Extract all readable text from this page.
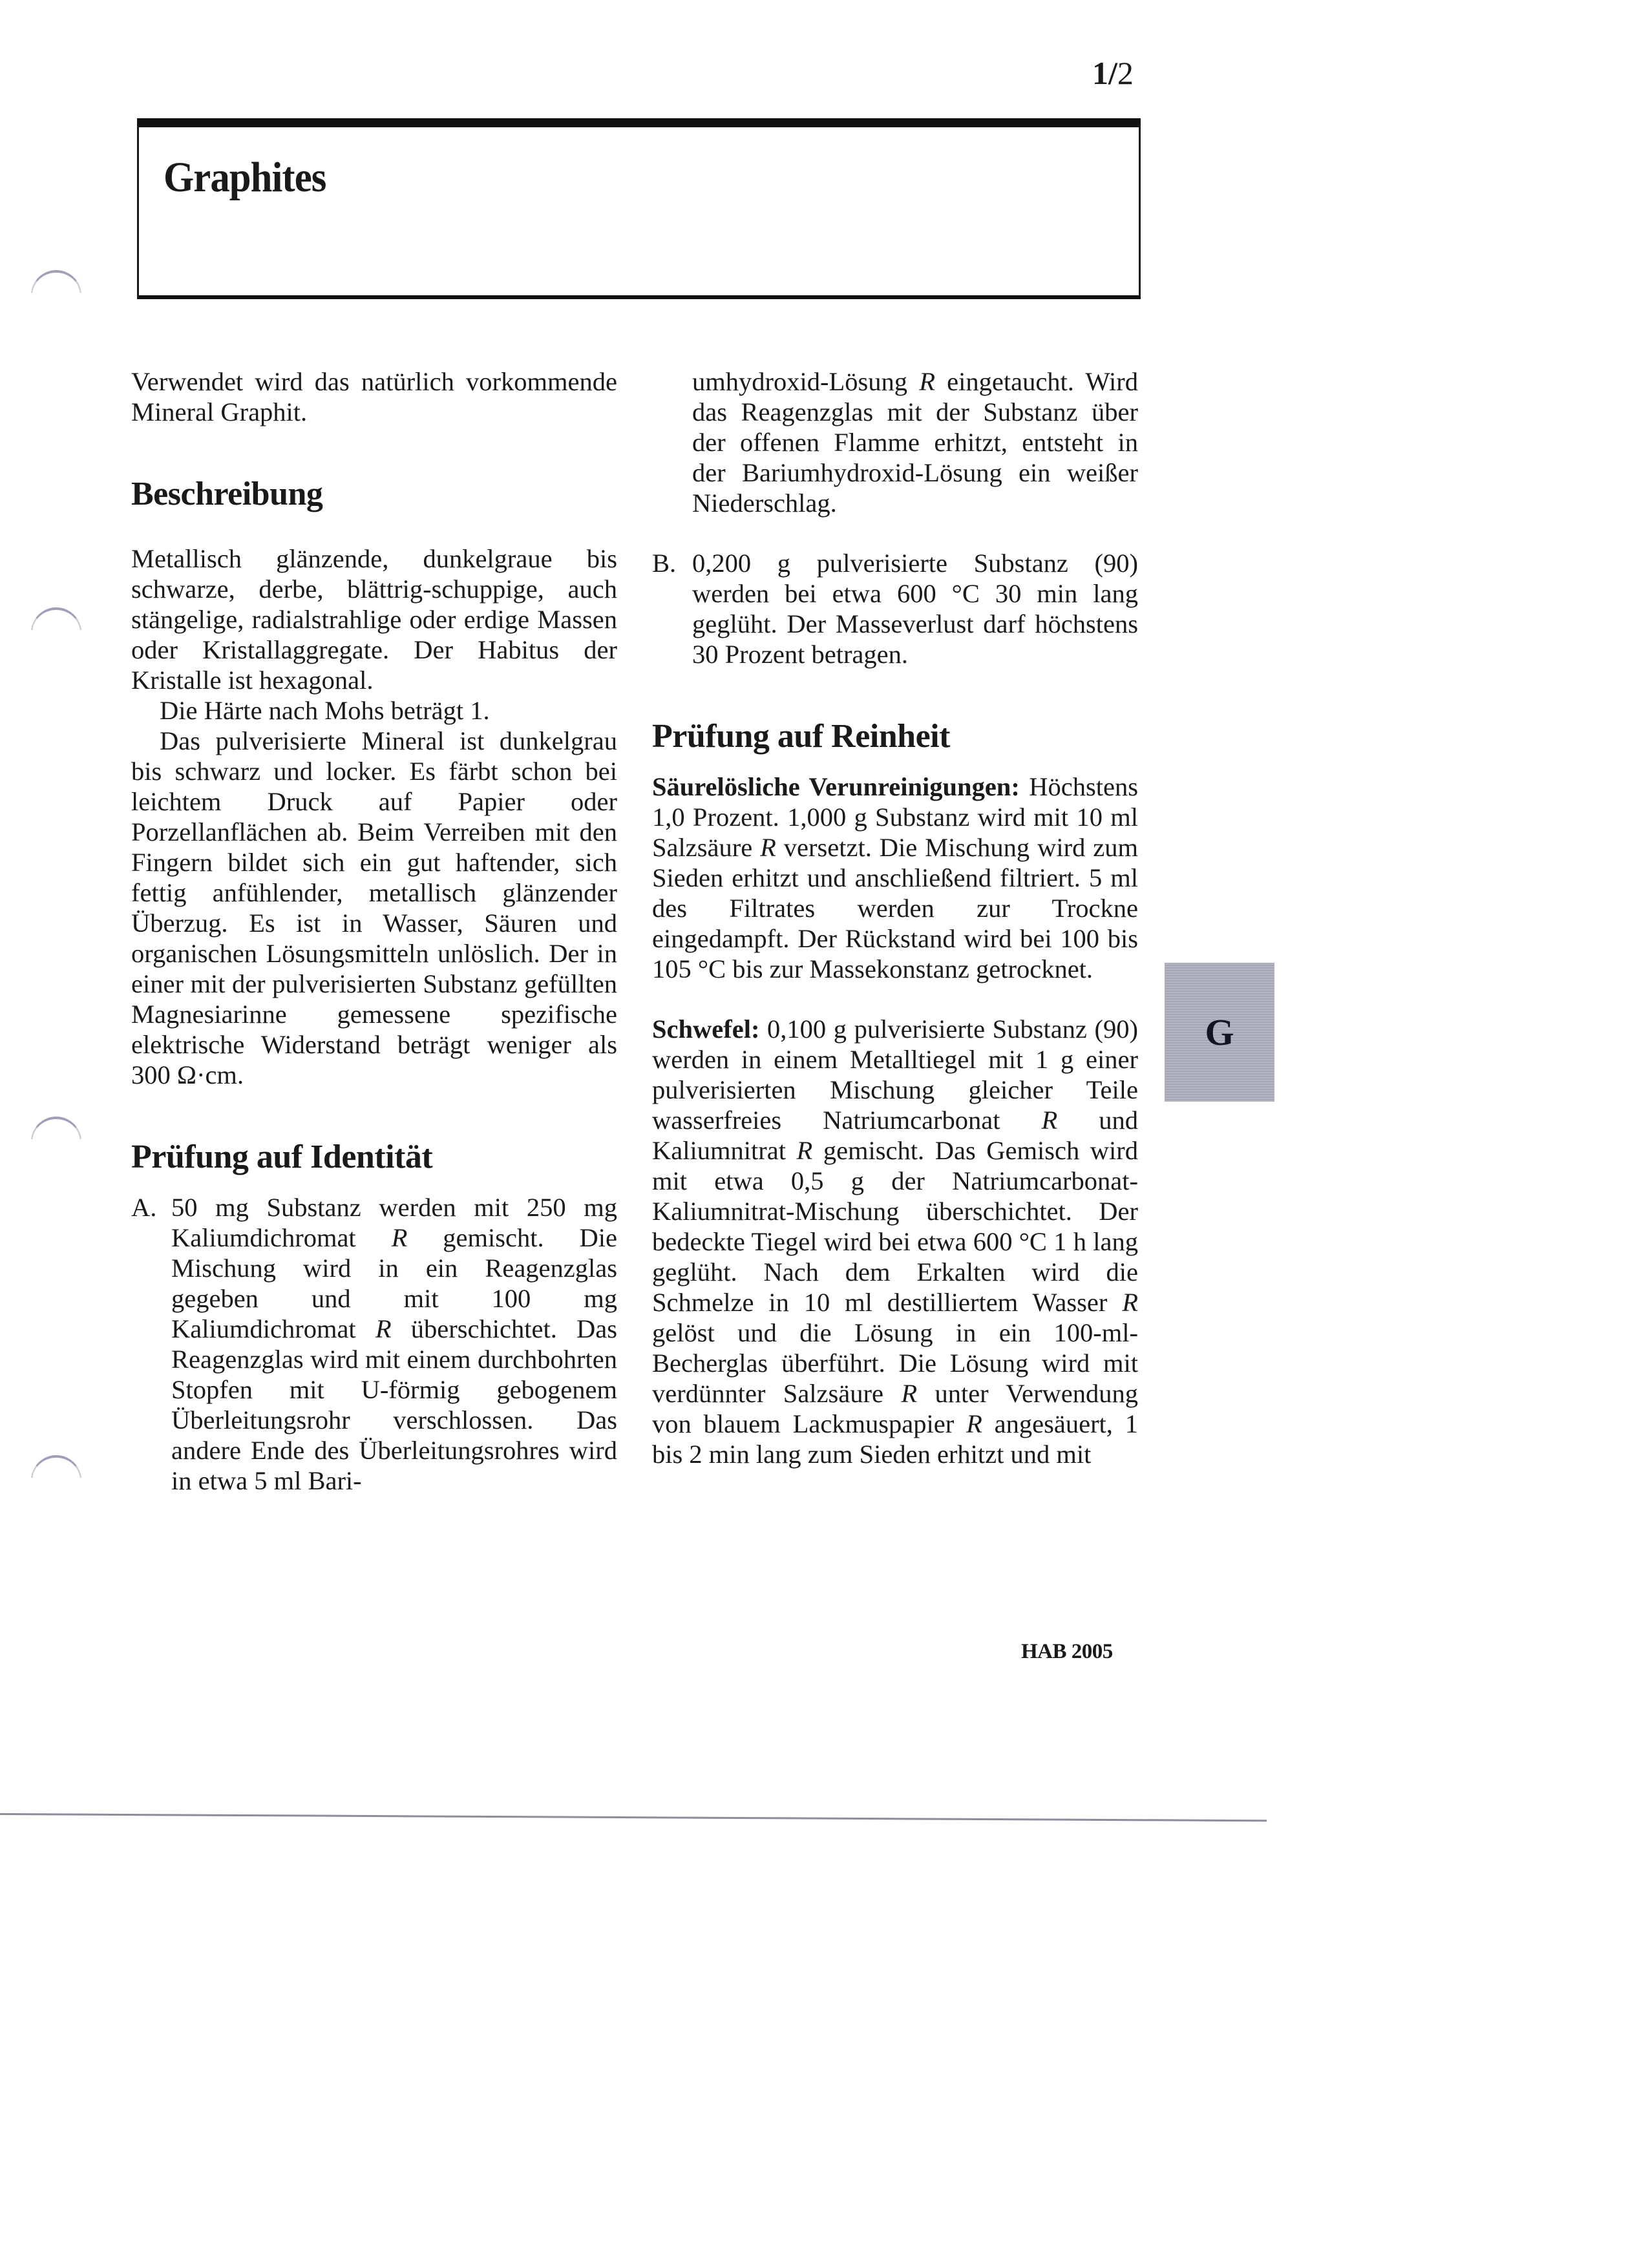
1/2
Graphites

Verwendet wird das natürlich vorkommende Mineral Graphit.

Beschreibung

Metallisch glänzende, dunkelgraue bis schwarze, derbe, blättrig-schuppige, auch stängelige, radialstrahlige oder erdige Massen oder Kristallaggregate. Der Habitus der Kristalle ist hexagonal.

Die Härte nach Mohs beträgt 1.

Das pulverisierte Mineral ist dunkelgrau bis schwarz und locker. Es färbt schon bei leichtem Druck auf Papier oder Porzellanflächen ab. Beim Verreiben mit den Fingern bildet sich ein gut haftender, sich fettig anfühlender, metallisch glänzender Überzug. Es ist in Wasser, Säuren und organischen Lösungsmitteln unlöslich. Der in einer mit der pulverisierten Substanz gefüllten Magnesiarinne gemessene spezifische elektrische Widerstand beträgt weniger als 300 Ω·cm.

Prüfung auf Identität
A. 50 mg Substanz werden mit 250 mg Kaliumdichromat R gemischt. Die Mischung wird in ein Reagenzglas gegeben und mit 100 mg Kaliumdichromat R überschichtet. Das Reagenzglas wird mit einem durchbohrten Stopfen mit U-förmig gebogenem Überleitungsrohr verschlossen. Das andere Ende des Überleitungsrohres wird in etwa 5 ml Bari-

umhydroxid-Lösung R eingetaucht. Wird das Reagenzglas mit der Substanz über der offenen Flamme erhitzt, entsteht in der Bariumhydroxid-Lösung ein weißer Niederschlag.

B. 0,200 g pulverisierte Substanz (90) werden bei etwa 600 °C 30 min lang geglüht. Der Masseverlust darf höchstens 30 Prozent betragen.

Prüfung auf Reinheit

Säurelösliche Verunreinigungen: Höchstens 1,0 Prozent. 1,000 g Substanz wird mit 10 ml Salzsäure R versetzt. Die Mischung wird zum Sieden erhitzt und anschließend filtriert. 5 ml des Filtrates werden zur Trockne eingedampft. Der Rückstand wird bei 100 bis 105 °C bis zur Massekonstanz getrocknet.

Schwefel: 0,100 g pulverisierte Substanz (90) werden in einem Metalltiegel mit 1 g einer pulverisierten Mischung gleicher Teile wasserfreies Natriumcarbonat R und Kaliumnitrat R gemischt. Das Gemisch wird mit etwa 0,5 g der Natriumcarbonat-Kaliumnitrat-Mischung überschichtet. Der bedeckte Tiegel wird bei etwa 600 °C 1 h lang geglüht. Nach dem Erkalten wird die Schmelze in 10 ml destilliertem Wasser R gelöst und die Lösung in ein 100-ml-Becherglas überführt. Die Lösung wird mit verdünnter Salzsäure R unter Verwendung von blauem Lackmuspapier R angesäuert, 1 bis 2 min lang zum Sieden erhitzt und mit

G
HAB 2005
